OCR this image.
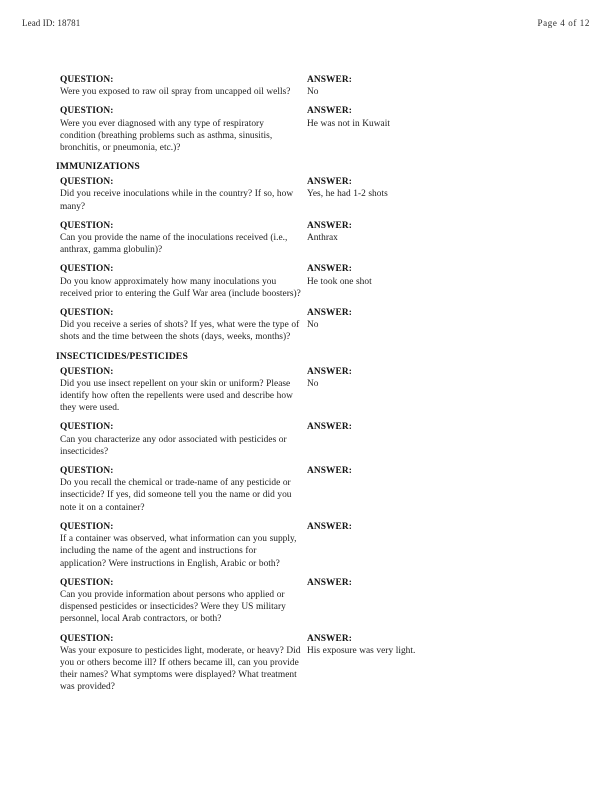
Lead ID: 18781	Page 4 of 12
QUESTION:
Were you exposed to raw oil spray from uncapped oil wells?
ANSWER:
No
QUESTION:
Were you ever diagnosed with any type of respiratory condition (breathing problems such as asthma, sinusitis, bronchitis, or pneumonia, etc.)?
ANSWER:
He was not in Kuwait
IMMUNIZATIONS
QUESTION:
Did you receive inoculations while in the country? If so, how many?
ANSWER:
Yes, he had 1-2 shots
QUESTION:
Can you provide the name of the inoculations received (i.e., anthrax, gamma globulin)?
ANSWER:
Anthrax
QUESTION:
Do you know approximately how many inoculations you received prior to entering the Gulf War area (include boosters)?
ANSWER:
He took one shot
QUESTION:
Did you receive a series of shots? If yes, what were the type of shots and the time between the shots (days, weeks, months)?
ANSWER:
No
INSECTICIDES/PESTICIDES
QUESTION:
Did you use insect repellent on your skin or uniform? Please identify how often the repellents were used and describe how they were used.
ANSWER:
No
QUESTION:
Can you characterize any odor associated with pesticides or insecticides?
ANSWER:
QUESTION:
Do you recall the chemical or trade-name of any pesticide or insecticide? If yes, did someone tell you the name or did you note it on a container?
ANSWER:
QUESTION:
If a container was observed, what information can you supply, including the name of the agent and instructions for application? Were instructions in English, Arabic or both?
ANSWER:
QUESTION:
Can you provide information about persons who applied or dispensed pesticides or insecticides? Were they US military personnel, local Arab contractors, or both?
ANSWER:
QUESTION:
Was your exposure to pesticides light, moderate, or heavy? Did you or others become ill? If others became ill, can you provide their names? What symptoms were displayed? What treatment was provided?
ANSWER:
His exposure was very light.
